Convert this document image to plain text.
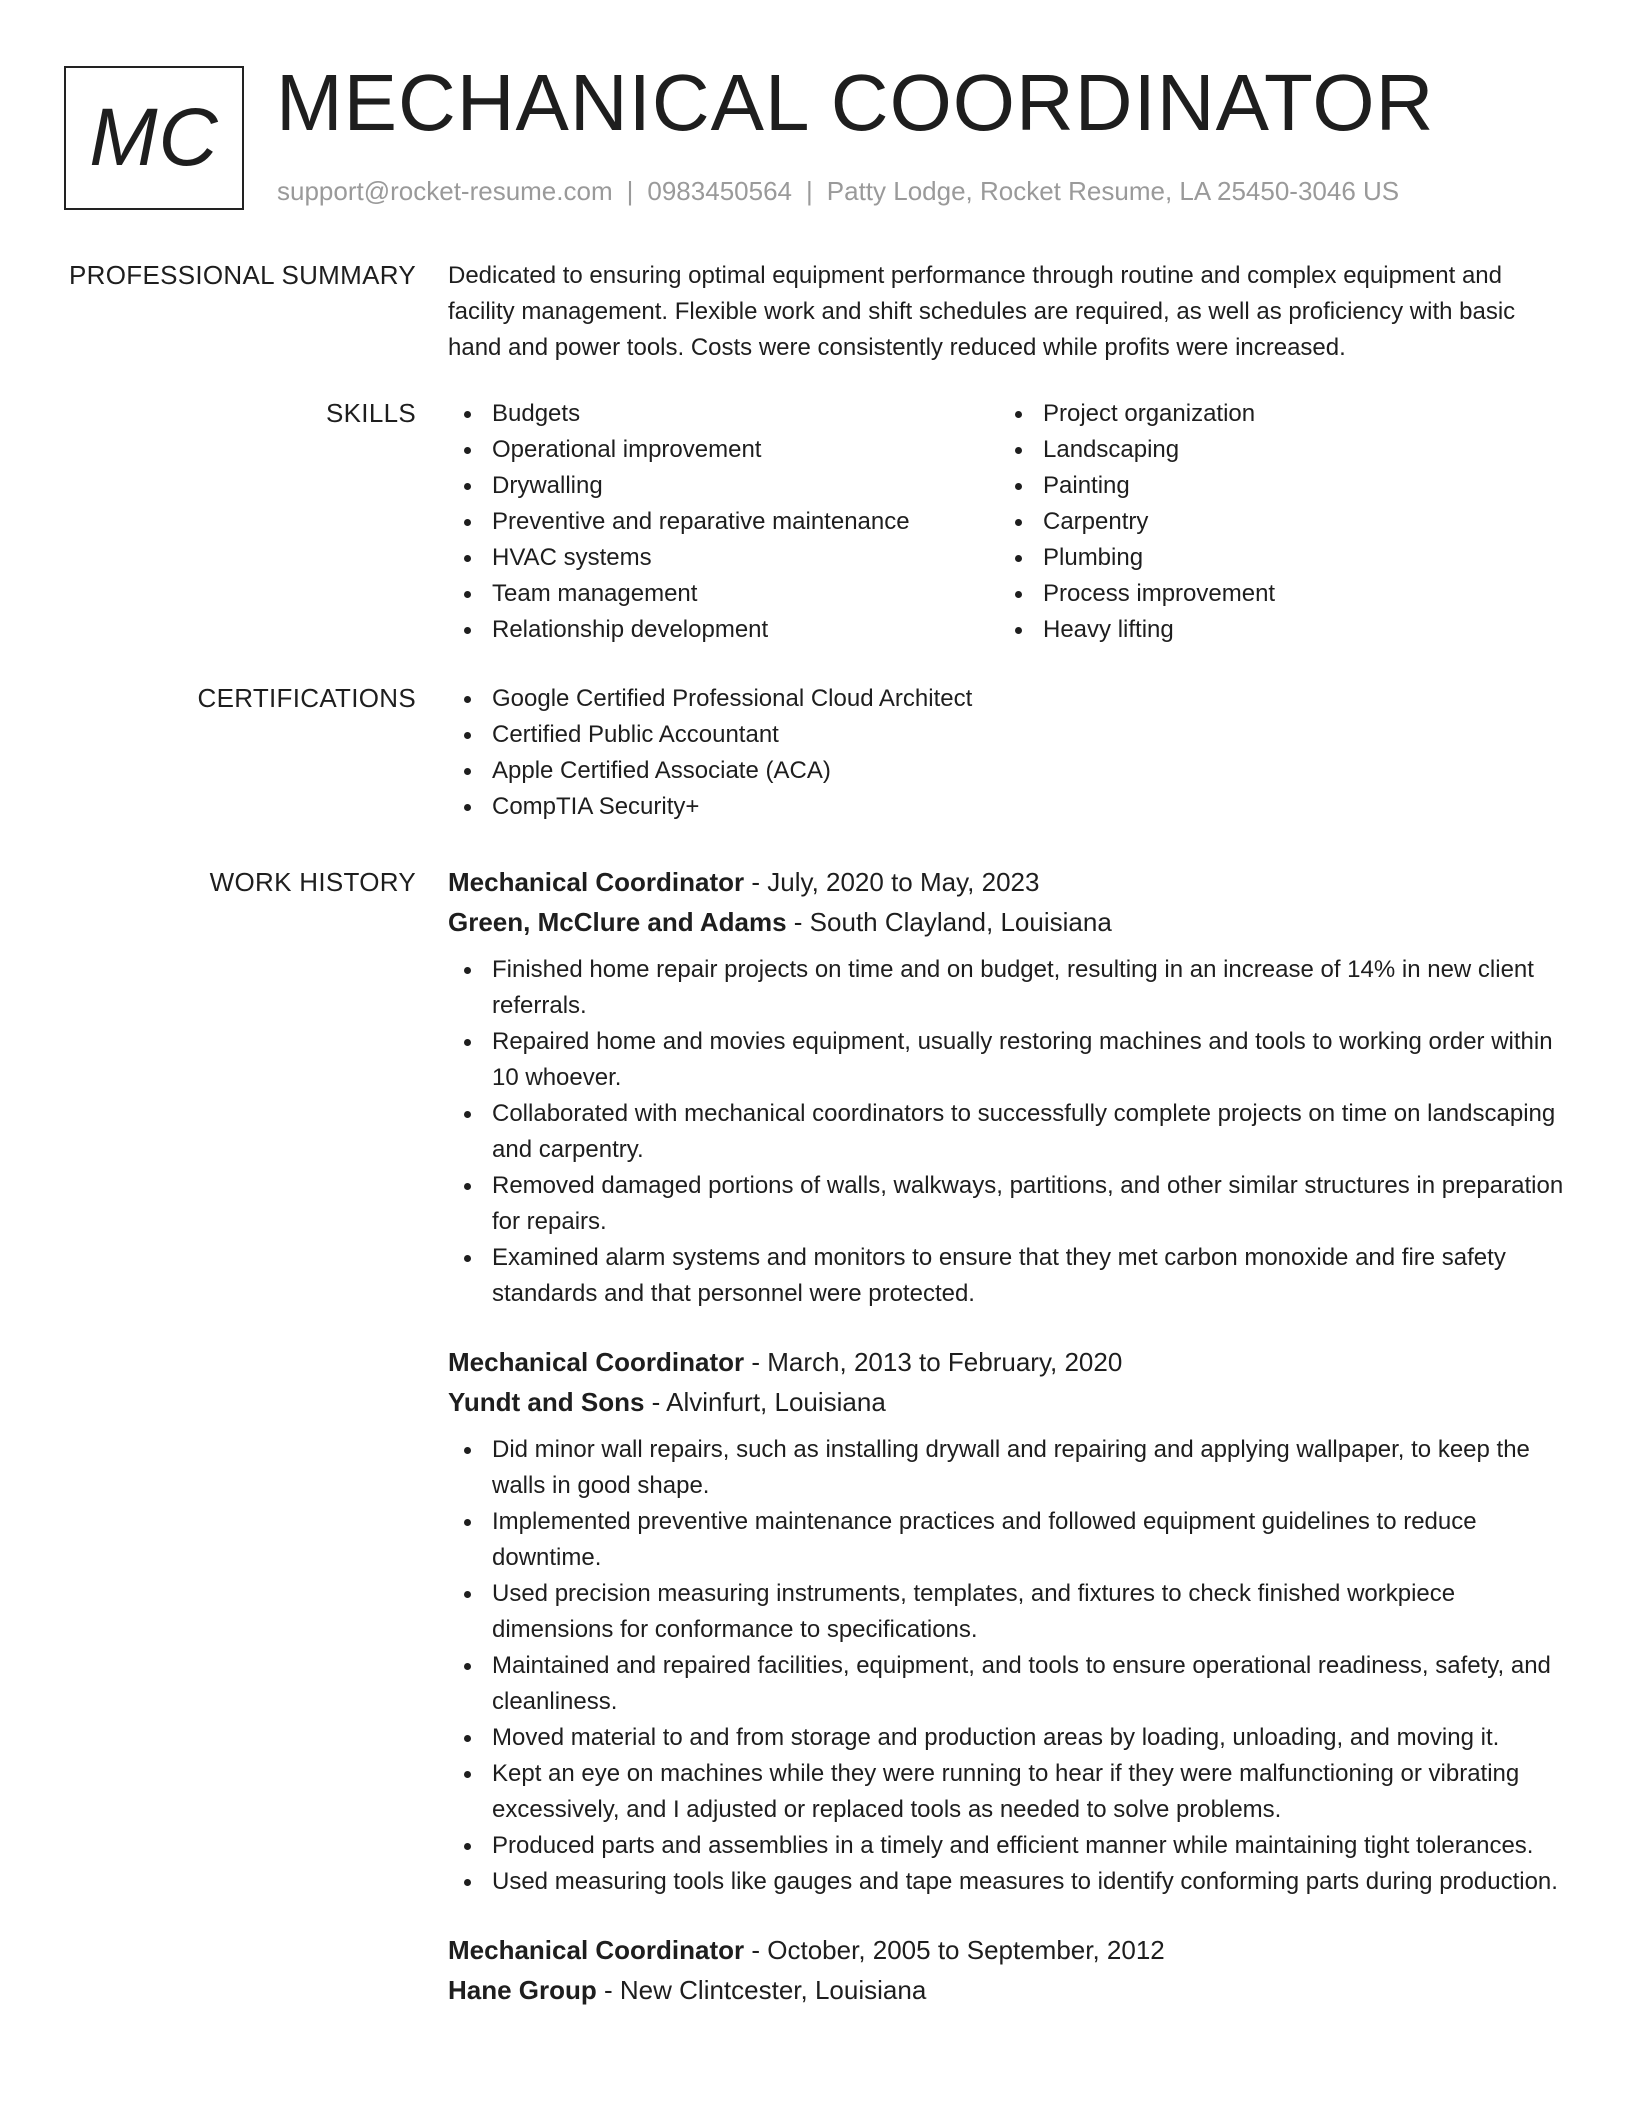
MC MECHANICAL COORDINATOR
support@rocket-resume.com | 0983450564 | Patty Lodge, Rocket Resume, LA 25450-3046 US
PROFESSIONAL SUMMARY Dedicated to ensuring optimal equipment performance through routine and complex equipment and facility management. Flexible work and shift schedules are required, as well as proficiency with basic hand and power tools. Costs were consistently reduced while profits were increased.
SKILLS	Budgets
Operational improvement
Drywalling
Preventive and reparative maintenance
HVAC systems
Team management
Relationship development
Project organization
Landscaping
Painting
Carpentry
Plumbing
Process improvement
Heavy lifting
CERTIFICATIONS	Google Certified Professional Cloud Architect
Certified Public Accountant
Apple Certified Associate (ACA)
CompTIA Security+
WORK HISTORY Mechanical Coordinator - July, 2020 to May, 2023
Green, McClure and Adams - South Clayland, Louisiana
Finished home repair projects on time and on budget, resulting in an increase of 14% in new client referrals.
Repaired home and movies equipment, usually restoring machines and tools to working order within 10 whoever.
Collaborated with mechanical coordinators to successfully complete projects on time on landscaping and carpentry.
Removed damaged portions of walls, walkways, partitions, and other similar structures in preparation for repairs.
Examined alarm systems and monitors to ensure that they met carbon monoxide and fire safety standards and that personnel were protected.
Mechanical Coordinator - March, 2013 to February, 2020
Yundt and Sons - Alvinfurt, Louisiana
Did minor wall repairs, such as installing drywall and repairing and applying wallpaper, to keep the walls in good shape.
Implemented preventive maintenance practices and followed equipment guidelines to reduce downtime.
Used precision measuring instruments, templates, and fixtures to check finished workpiece dimensions for conformance to specifications.
Maintained and repaired facilities, equipment, and tools to ensure operational readiness, safety, and cleanliness.
Moved material to and from storage and production areas by loading, unloading, and moving it.
Kept an eye on machines while they were running to hear if they were malfunctioning or vibrating excessively, and I adjusted or replaced tools as needed to solve problems.
Produced parts and assemblies in a timely and efficient manner while maintaining tight tolerances.
Used measuring tools like gauges and tape measures to identify conforming parts during production.
Mechanical Coordinator - October, 2005 to September, 2012
Hane Group - New Clintcester, Louisiana
